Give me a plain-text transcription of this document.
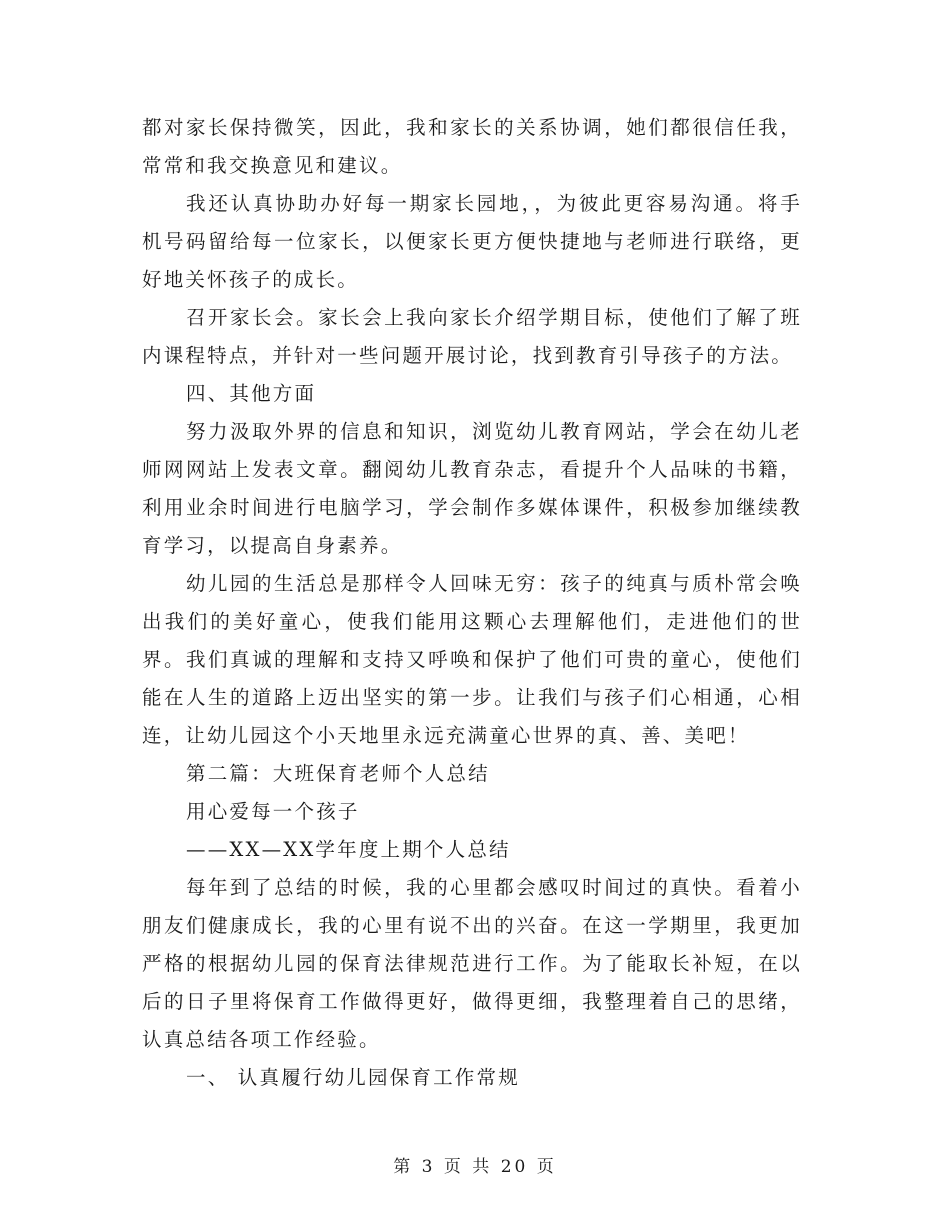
都对家长保持微笑，因此，我和家长的关系协调，她们都很信任我，常常和我交换意见和建议。

我还认真协助办好每一期家长园地，，为彼此更容易沟通。将手机号码留给每一位家长，以便家长更方便快捷地与老师进行联络，更好地关怀孩子的成长。

召开家长会。家长会上我向家长介绍学期目标，使他们了解了班内课程特点，并针对一些问题开展讨论，找到教育引导孩子的方法。

四、其他方面

努力汲取外界的信息和知识，浏览幼儿教育网站，学会在幼儿老师网网站上发表文章。翻阅幼儿教育杂志，看提升个人品味的书籍，利用业余时间进行电脑学习，学会制作多媒体课件，积极参加继续教育学习，以提高自身素养。

幼儿园的生活总是那样令人回味无穷：孩子的纯真与质朴常会唤出我们的美好童心，使我们能用这颗心去理解他们，走进他们的世界。我们真诚的理解和支持又呼唤和保护了他们可贵的童心，使他们能在人生的道路上迈出坚实的第一步。让我们与孩子们心相通，心相连，让幼儿园这个小天地里永远充满童心世界的真、善、美吧！

第二篇：大班保育老师个人总结

用心爱每一个孩子

——XX—XX学年度上期个人总结

每年到了总结的时候，我的心里都会感叹时间过的真快。看着小朋友们健康成长，我的心里有说不出的兴奋。在这一学期里，我更加严格的根据幼儿园的保育法律规范进行工作。为了能取长补短，在以后的日子里将保育工作做得更好，做得更细，我整理着自己的思绪，认真总结各项工作经验。

一、 认真履行幼儿园保育工作常规

第 3 页 共 20 页
